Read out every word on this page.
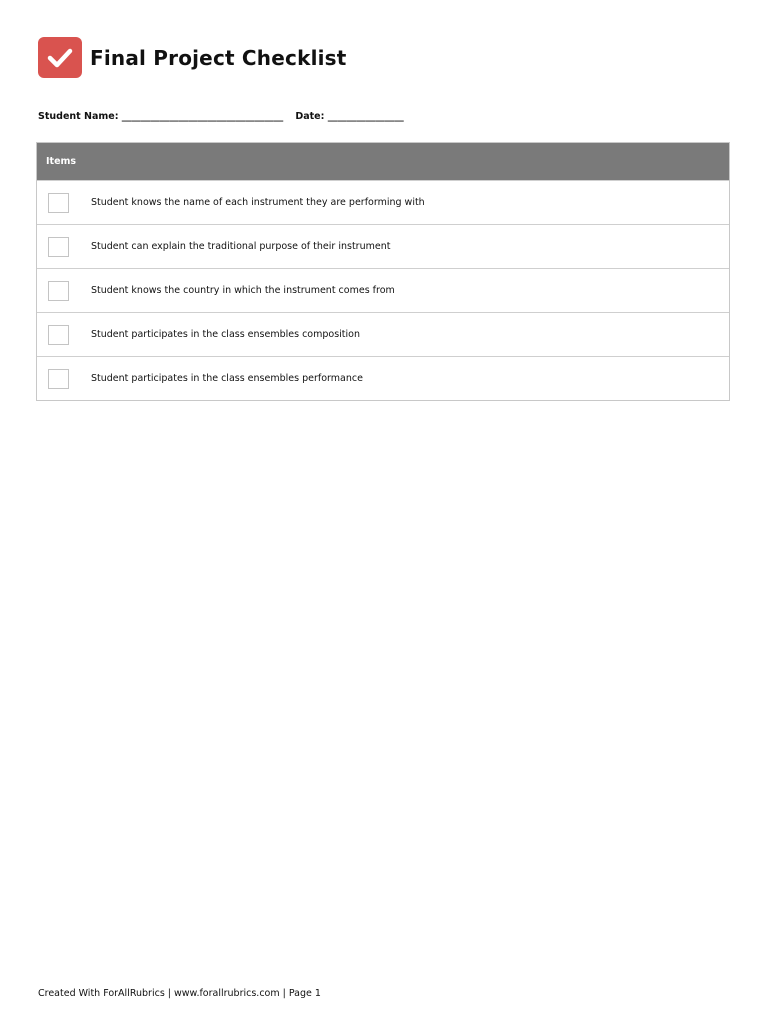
Final Project Checklist
Student Name: __________________________________ Date: ________________
Items
Student knows the name of each instrument they are performing with
Student can explain the traditional purpose of their instrument
Student knows the country in which the instrument comes from
Student participates in the class ensembles composition
Student participates in the class ensembles performance
Created With ForAllRubrics | www.forallrubrics.com | Page 1
